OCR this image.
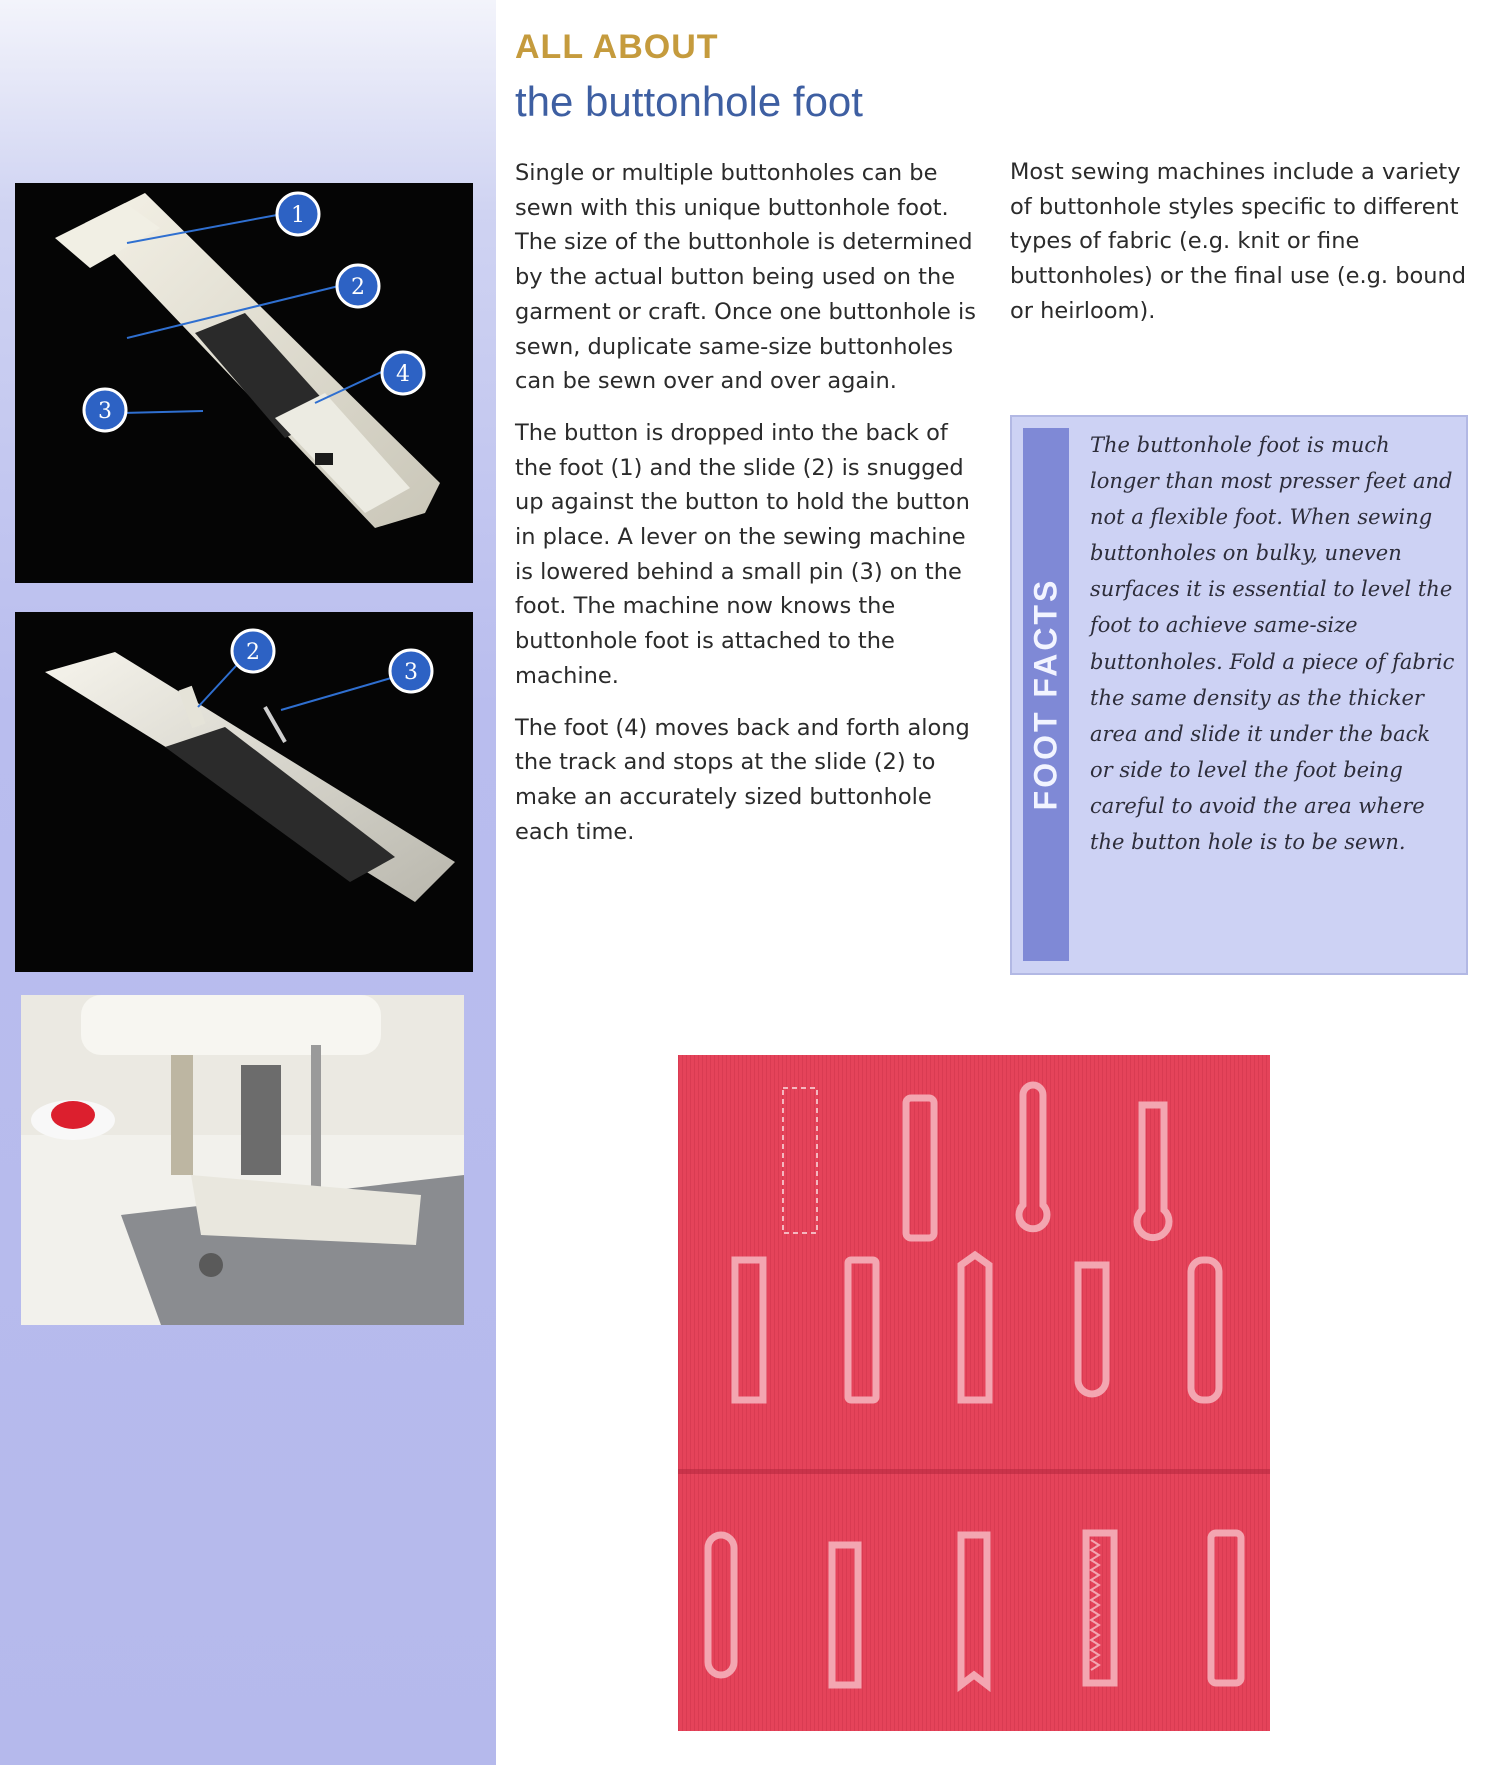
1
2
3
4
2
3
ALL ABOUT
the buttonhole foot

Single or multiple buttonholes can be sewn with this unique buttonhole foot. The size of the buttonhole is determined by the actual button being used on the garment or craft. Once one buttonhole is sewn, duplicate same-size buttonholes can be sewn over and over again.

The button is dropped into the back of the foot (1) and the slide (2) is snugged up against the button to hold the button in place. A lever on the sewing machine is lowered behind a small pin (3) on the foot. The machine now knows the buttonhole foot is attached to the machine.

The foot (4) moves back and forth along the track and stops at the slide (2) to make an accurately sized buttonhole each time.

Most sewing machines include a variety of buttonhole styles specific to different types of fabric (e.g. knit or fine buttonholes) or the final use (e.g. bound or heirloom).

FOOT FACTS

The buttonhole foot is much longer than most presser feet and not a flexible foot. When sewing buttonholes on bulky, uneven surfaces it is essential to level the foot to achieve same-size buttonholes. Fold a piece of fabric the same density as the thicker area and slide it under the back or side to level the foot being careful to avoid the area where the button hole is to be sewn.
